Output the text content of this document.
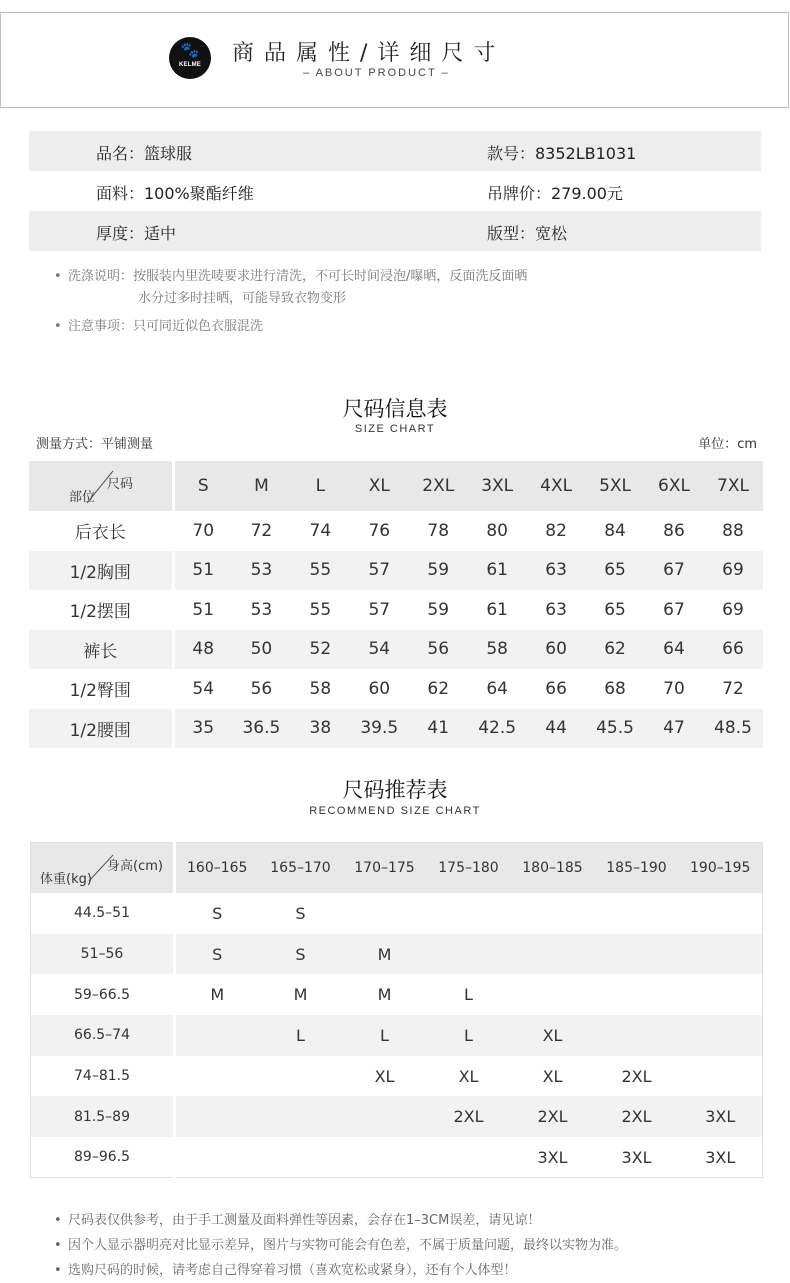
🐾
KELME	商品属性/详细尺寸
– ABOUT PRODUCT –
品名：篮球服	款号：8352LB1031
面料：100%聚酯纤维	吊牌价：279.00元
厚度：适中	版型：宽松
• 洗涤说明：按服装内里洗唛要求进行清洗，不可长时间浸泡/曝晒，反面洗反面晒
水分过多时挂晒，可能导致衣物变形
• 注意事项：只可同近似色衣服混洗
尺码信息表
SIZE CHART
测量方式：平铺测量	单位：cm
尺码
部位	S	M	L	XL	2XL	3XL	4XL	5XL	6XL	7XL
后衣长	70	72	74	76	78	80	82	84	86	88
1/2胸围	51	53	55	57	59	61	63	65	67	69
1/2摆围	51	53	55	57	59	61	63	65	67	69
裤长	48	50	52	54	56	58	60	62	64	66
1/2臀围	54	56	58	60	62	64	66	68	70	72
1/2腰围	35	36.5	38	39.5	41	42.5	44	45.5	47	48.5
尺码推荐表
RECOMMEND SIZE CHART
身高(cm)
体重(kg)	160–165	165–170	170–175	175–180	180–185	185–190	190–195
44.5–51	S	S					
51–56	S	S	M				
59–66.5	M	M	M	L			
66.5–74		L	L	L	XL		
74–81.5			XL	XL	XL	2XL	
81.5–89				2XL	2XL	2XL	3XL
89–96.5					3XL	3XL	3XL
• 尺码表仅供参考，由于手工测量及面料弹性等因素，会存在1–3CM误差，请见谅！
• 因个人显示器明亮对比显示差异，图片与实物可能会有色差，不属于质量问题，最终以实物为准。
• 选购尺码的时候，请考虑自己得穿着习惯（喜欢宽松或紧身），还有个人体型！
